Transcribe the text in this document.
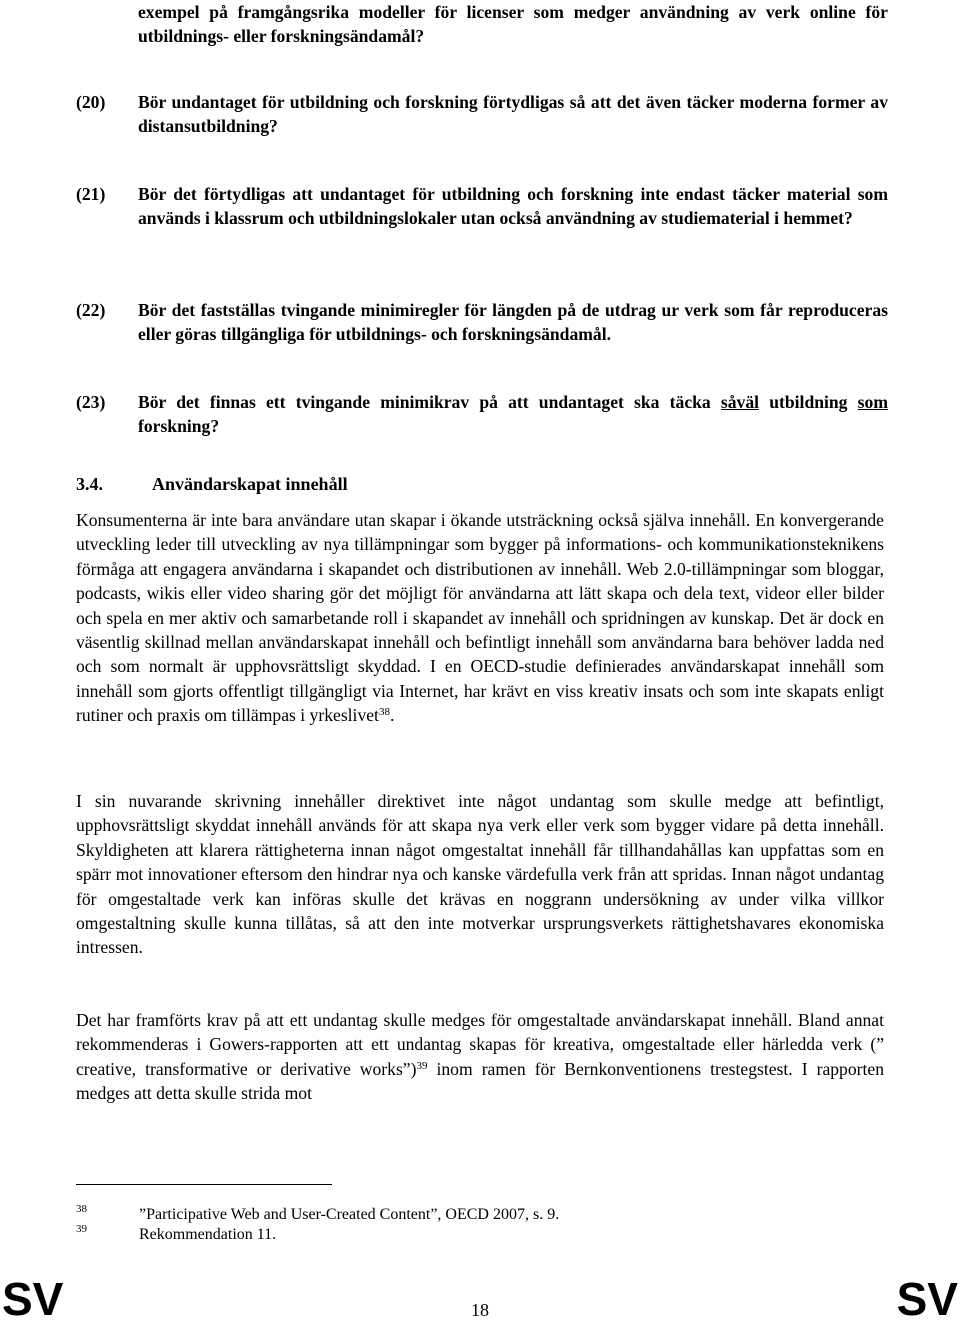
exempel på framgångsrika modeller för licenser som medger användning av verk online för utbildnings- eller forskningsändamål?
(20) Bör undantaget för utbildning och forskning förtydligas så att det även täcker moderna former av distansutbildning?
(21) Bör det förtydligas att undantaget för utbildning och forskning inte endast täcker material som används i klassrum och utbildningslokaler utan också användning av studiematerial i hemmet?
(22) Bör det fastställas tvingande minimiregler för längden på de utdrag ur verk som får reproduceras eller göras tillgängliga för utbildnings- och forskningsändamål.
(23) Bör det finnas ett tvingande minimikrav på att undantaget ska täcka såväl utbildning som forskning?
3.4.	Användarskapat innehåll

Konsumenterna är inte bara användare utan skapar i ökande utsträckning också själva innehåll. En konvergerande utveckling leder till utveckling av nya tillämpningar som bygger på informations- och kommunikationsteknikens förmåga att engagera användarna i skapandet och distributionen av innehåll. Web 2.0-tillämpningar som bloggar, podcasts, wikis eller video sharing gör det möjligt för användarna att lätt skapa och dela text, videor eller bilder och spela en mer aktiv och samarbetande roll i skapandet av innehåll och spridningen av kunskap. Det är dock en väsentlig skillnad mellan användarskapat innehåll och befintligt innehåll som användarna bara behöver ladda ned och som normalt är upphovsrättsligt skyddad. I en OECD-studie definierades användarskapat innehåll som innehåll som gjorts offentligt tillgängligt via Internet, har krävt en viss kreativ insats och som inte skapats enligt rutiner och praxis om tillämpas i yrkeslivet$^{38}$.

I sin nuvarande skrivning innehåller direktivet inte något undantag som skulle medge att befintligt, upphovsrättsligt skyddat innehåll används för att skapa nya verk eller verk som bygger vidare på detta innehåll. Skyldigheten att klarera rättigheterna innan något omgestaltat innehåll får tillhandahållas kan uppfattas som en spärr mot innovationer eftersom den hindrar nya och kanske värdefulla verk från att spridas. Innan något undantag för omgestaltade verk kan införas skulle det krävas en noggrann undersökning av under vilka villkor omgestaltning skulle kunna tillåtas, så att den inte motverkar ursprungsverkets rättighetshavares ekonomiska intressen.

Det har framförts krav på att ett undantag skulle medges för omgestaltade användarskapat innehåll. Bland annat rekommenderas i Gowers-rapporten att ett undantag skapas för kreativa, omgestaltade eller härledda verk (” creative, transformative or derivative works”)$^{39}$ inom ramen för Bernkonventionens trestegstest. I rapporten medges att detta skulle strida mot

38	”Participative Web and User-Created Content”, OECD 2007, s. 9.
39	Rekommendation 11.
SV	18	SV
